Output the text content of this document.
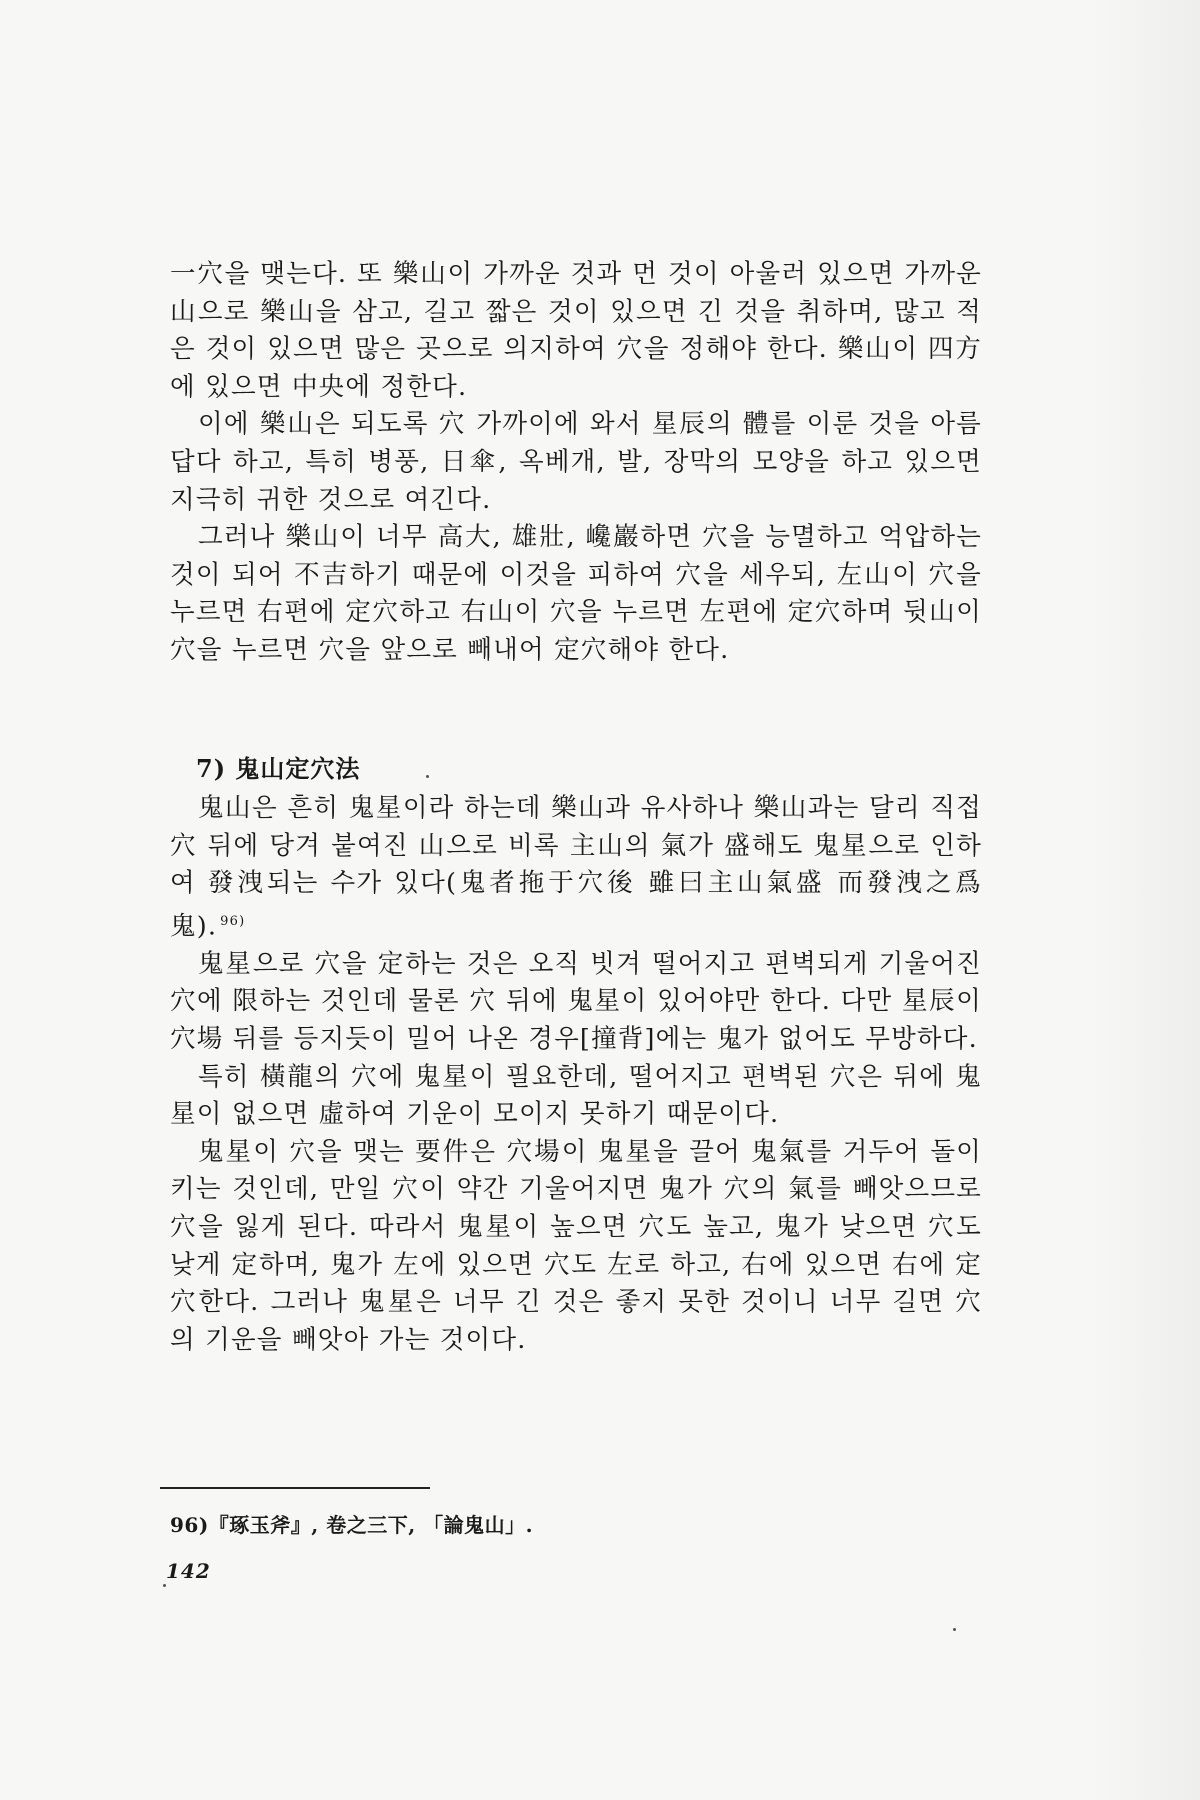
一穴을 맺는다. 또 樂山이 가까운 것과 먼 것이 아울러 있으면 가까운 山으로 樂山을 삼고, 길고 짧은 것이 있으면 긴 것을 취하며, 많고 적은 것이 있으면 많은 곳으로 의지하여 穴을 정해야 한다. 樂山이 四方에 있으면 中央에 정한다.

이에 樂山은 되도록 穴 가까이에 와서 星辰의 體를 이룬 것을 아름답다 하고, 특히 병풍, 日傘, 옥베개, 발, 장막의 모양을 하고 있으면 지극히 귀한 것으로 여긴다.

그러나 樂山이 너무 高大, 雄壯, 巉巖하면 穴을 능멸하고 억압하는 것이 되어 不吉하기 때문에 이것을 피하여 穴을 세우되, 左山이 穴을 누르면 右편에 定穴하고 右山이 穴을 누르면 左편에 定穴하며 뒷山이 穴을 누르면 穴을 앞으로 빼내어 定穴해야 한다.

7) 鬼山定穴法

鬼山은 흔히 鬼星이라 하는데 樂山과 유사하나 樂山과는 달리 직접 穴 뒤에 당겨 붙여진 山으로 비록 主山의 氣가 盛해도 鬼星으로 인하여 發洩되는 수가 있다(鬼者拖于穴後 雖曰主山氣盛 而發洩之爲鬼). $^{96)}$

鬼星으로 穴을 定하는 것은 오직 빗겨 떨어지고 편벽되게 기울어진 穴에 限하는 것인데 물론 穴 뒤에 鬼星이 있어야만 한다. 다만 星辰이 穴場 뒤를 등지듯이 밀어 나온 경우[撞背]에는 鬼가 없어도 무방하다.

특히 橫龍의 穴에 鬼星이 필요한데, 떨어지고 편벽된 穴은 뒤에 鬼星이 없으면 虛하여 기운이 모이지 못하기 때문이다.

鬼星이 穴을 맺는 要件은 穴場이 鬼星을 끌어 鬼氣를 거두어 돌이키는 것인데, 만일 穴이 약간 기울어지면 鬼가 穴의 氣를 빼앗으므로 穴을 잃게 된다. 따라서 鬼星이 높으면 穴도 높고, 鬼가 낮으면 穴도 낮게 定하며, 鬼가 左에 있으면 穴도 左로 하고, 右에 있으면 右에 定穴한다. 그러나 鬼星은 너무 긴 것은 좋지 못한 것이니 너무 길면 穴의 기운을 빼앗아 가는 것이다.

96)『琢玉斧』, 卷之三下, 「論鬼山」.
142
